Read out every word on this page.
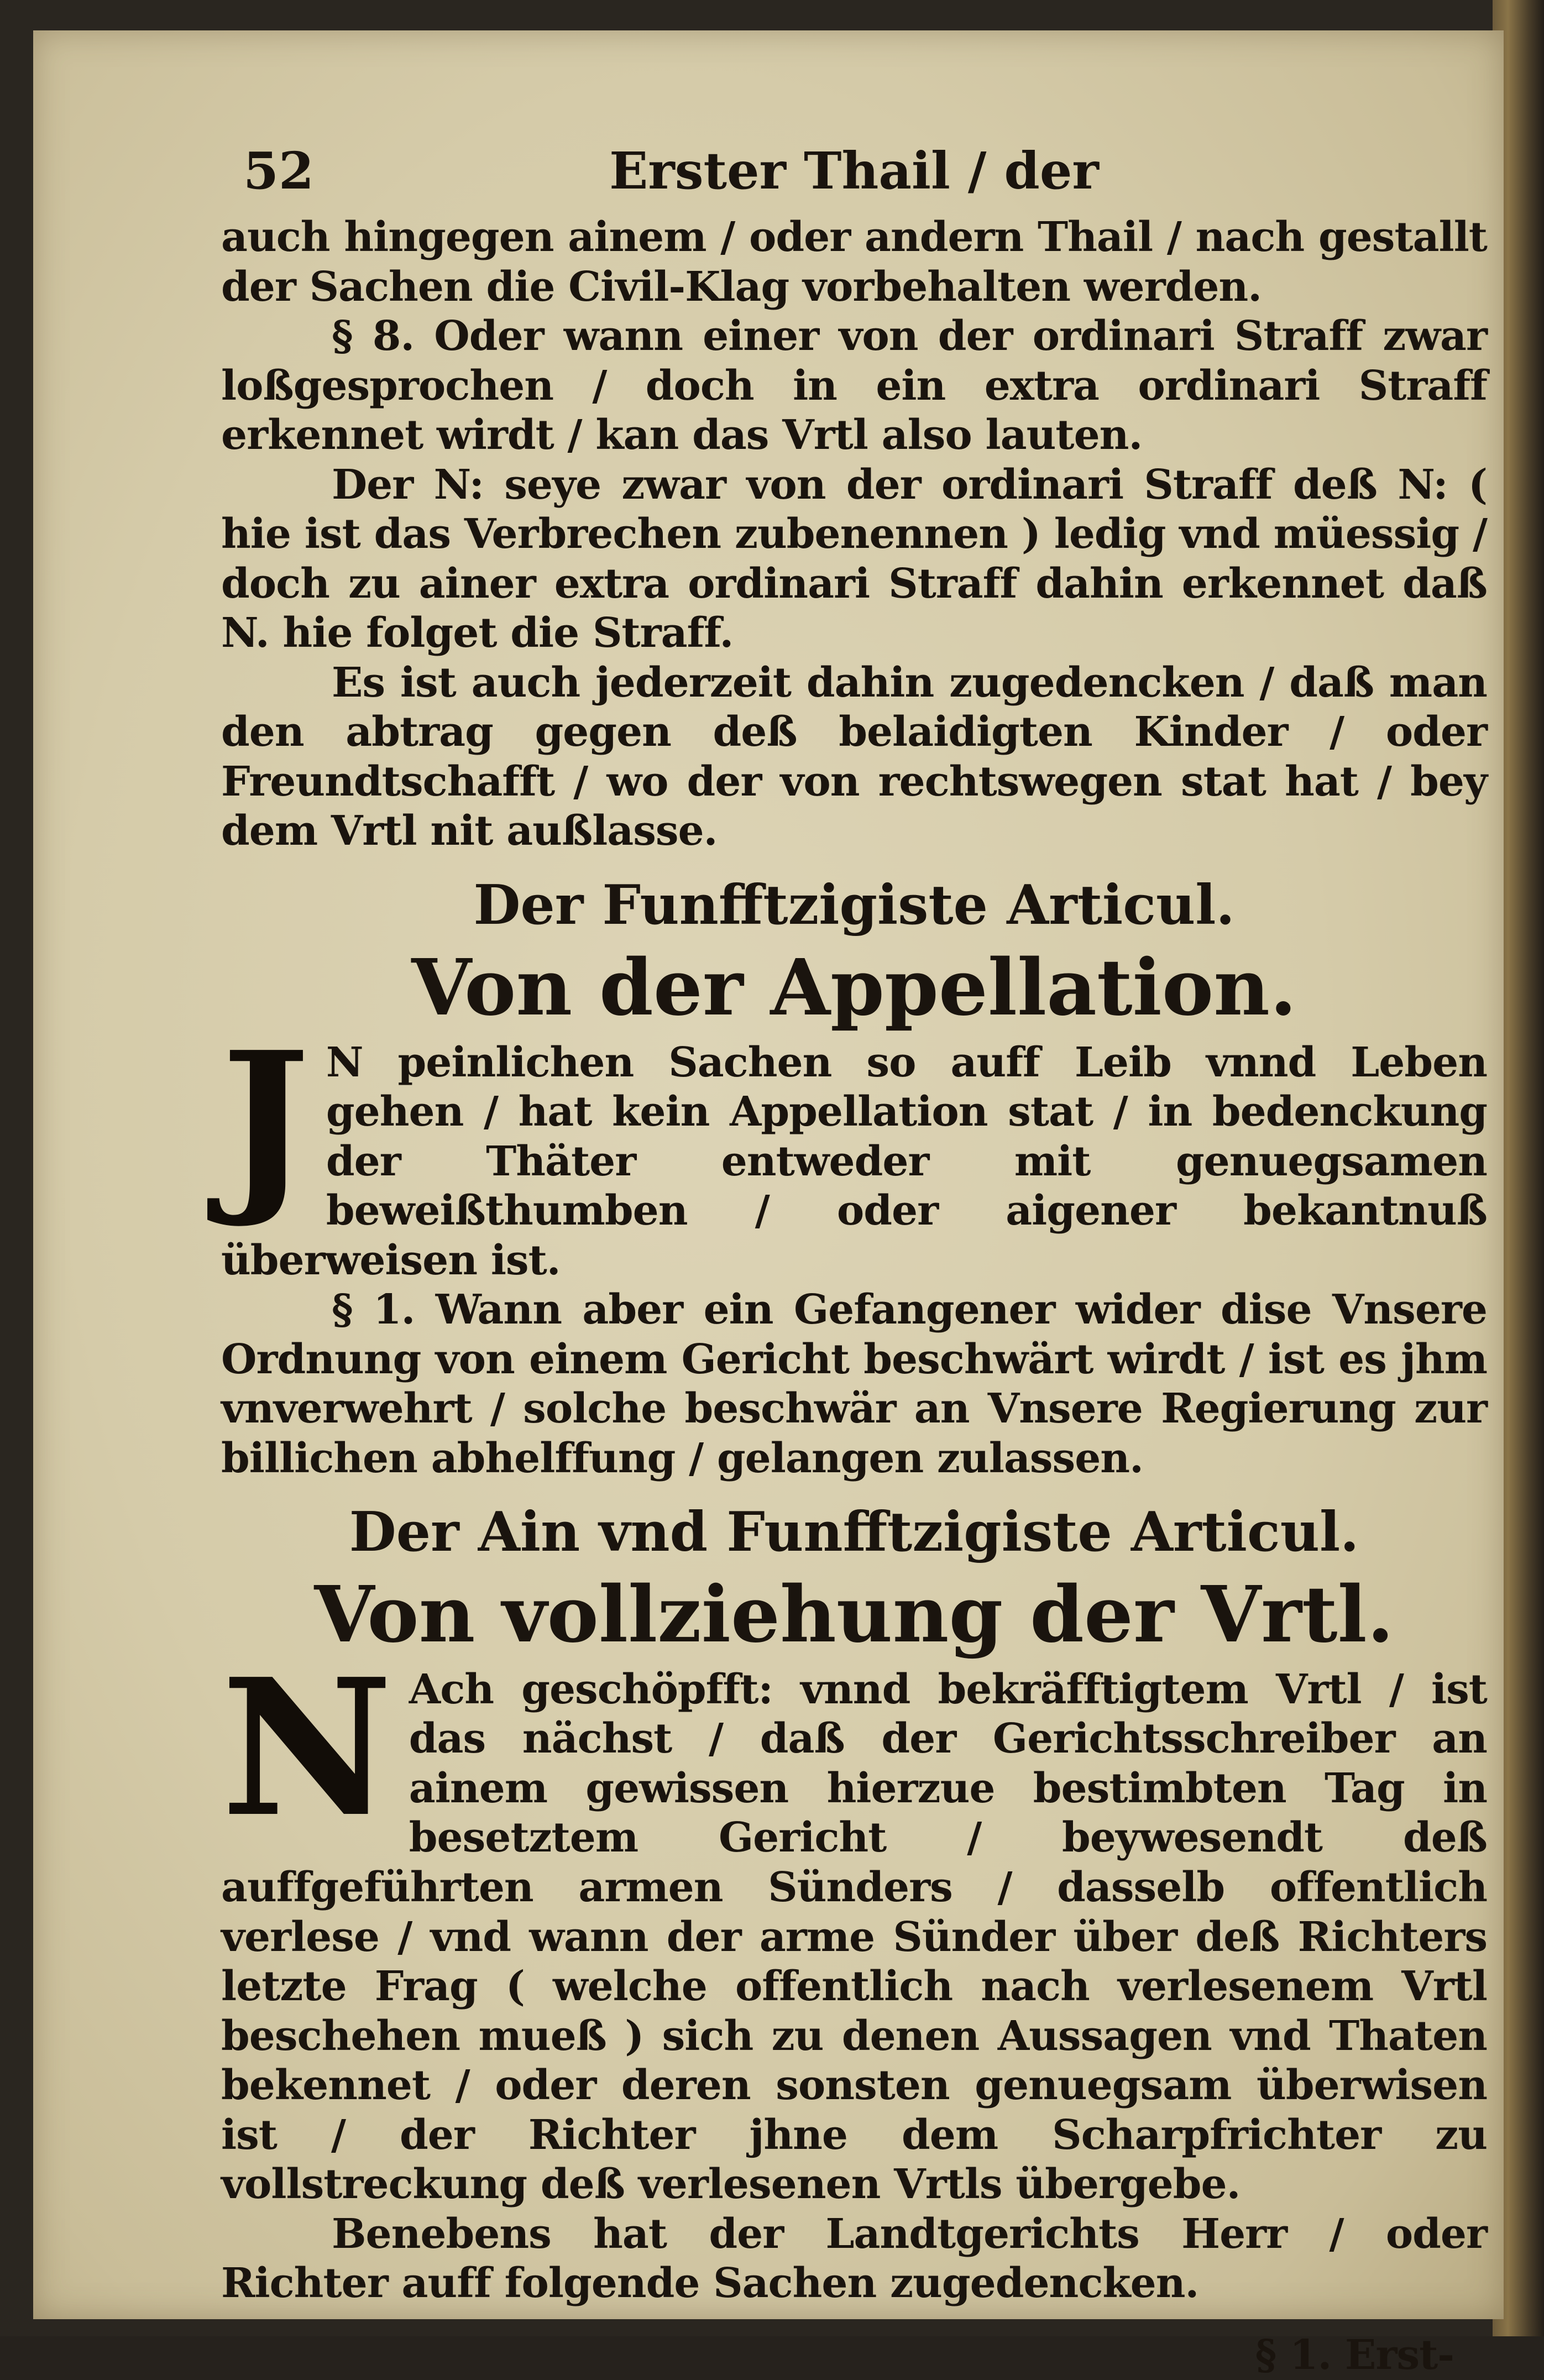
52	Erster Thail / der

auch hingegen ainem / oder andern Thail / nach gestallt der Sachen die Civil-Klag vorbehalten werden.

§ 8. Oder wann einer von der ordinari Straff zwar loßgesprochen / doch in ein extra ordinari Straff erkennet wirdt / kan das Vrtl also lauten.

Der N: seye zwar von der ordinari Straff deß N: ( hie ist das Verbrechen zubenennen ) ledig vnd müessig / doch zu ainer extra ordinari Straff dahin erkennet daß N. hie folget die Straff.

Es ist auch jederzeit dahin zugedencken / daß man den abtrag gegen deß belaidigten Kinder / oder Freundtschafft / wo der von rechtswegen stat hat / bey dem Vrtl nit außlasse.

Der Funfftzigiste Articul.
Von der Appellation.

J N peinlichen Sachen so auff Leib vnnd Leben gehen / hat kein Appellation stat / in bedenckung der Thäter entweder mit genuegsamen beweißthumben / oder aigener bekantnuß überweisen ist.

§ 1. Wann aber ein Gefangener wider dise Vnsere Ordnung von einem Gericht beschwärt wirdt / ist es jhm vnverwehrt / solche beschwär an Vnsere Regierung zur billichen abhelffung / gelangen zulassen.

Der Ain vnd Funfftzigiste Articul.
Von vollziehung der Vrtl.

N Ach geschöpfft: vnnd bekräfftigtem Vrtl / ist das nächst / daß der Gerichtsschreiber an ainem gewissen hierzue bestimbten Tag in besetztem Gericht / beywesendt deß auffgeführten armen Sünders / dasselb offentlich verlese / vnd wann der arme Sünder über deß Richters letzte Frag ( welche offentlich nach verlesenem Vrtl beschehen mueß ) sich zu denen Aussagen vnd Thaten bekennet / oder deren sonsten genuegsam überwisen ist / der Richter jhne dem Scharpfrichter zu vollstreckung deß verlesenen Vrtls übergebe.

Benebens hat der Landtgerichts Herr / oder Richter auff folgende Sachen zugedencken.

§ 1. Erst-
